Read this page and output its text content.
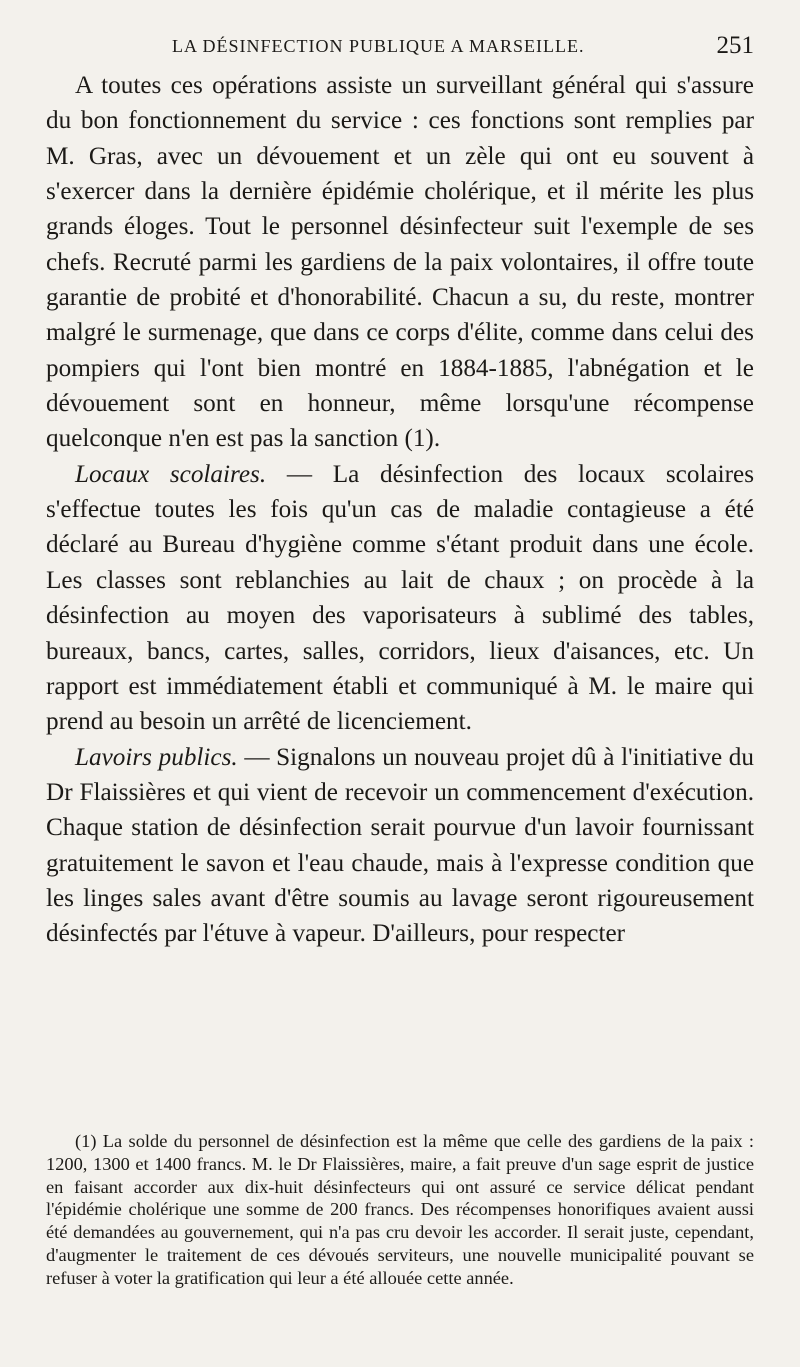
LA DÉSINFECTION PUBLIQUE A MARSEILLE.	251

A toutes ces opérations assiste un surveillant général qui s'assure du bon fonctionnement du service : ces fonctions sont remplies par M. Gras, avec un dévouement et un zèle qui ont eu souvent à s'exercer dans la dernière épidémie cholérique, et il mérite les plus grands éloges. Tout le personnel désinfecteur suit l'exemple de ses chefs. Recruté parmi les gardiens de la paix volontaires, il offre toute garantie de probité et d'honorabilité. Chacun a su, du reste, montrer malgré le surmenage, que dans ce corps d'élite, comme dans celui des pompiers qui l'ont bien montré en 1884-1885, l'abnégation et le dévouement sont en honneur, même lorsqu'une récompense quelconque n'en est pas la sanction (1).

Locaux scolaires. — La désinfection des locaux scolaires s'effectue toutes les fois qu'un cas de maladie contagieuse a été déclaré au Bureau d'hygiène comme s'étant produit dans une école. Les classes sont reblanchies au lait de chaux ; on procède à la désinfection au moyen des vaporisateurs à sublimé des tables, bureaux, bancs, cartes, salles, corridors, lieux d'aisances, etc. Un rapport est immédiatement établi et communiqué à M. le maire qui prend au besoin un arrêté de licenciement.

Lavoirs publics. — Signalons un nouveau projet dû à l'initiative du Dr Flaissières et qui vient de recevoir un commencement d'exécution. Chaque station de désinfection serait pourvue d'un lavoir fournissant gratuitement le savon et l'eau chaude, mais à l'expresse condition que les linges sales avant d'être soumis au lavage seront rigoureusement désinfectés par l'étuve à vapeur. D'ailleurs, pour respecter

(1) La solde du personnel de désinfection est la même que celle des gardiens de la paix : 1200, 1300 et 1400 francs. M. le Dr Flaissières, maire, a fait preuve d'un sage esprit de justice en faisant accorder aux dix-huit désinfecteurs qui ont assuré ce service délicat pendant l'épidémie cholérique une somme de 200 francs. Des récompenses honorifiques avaient aussi été demandées au gouvernement, qui n'a pas cru devoir les accorder. Il serait juste, cependant, d'augmenter le traitement de ces dévoués serviteurs, une nouvelle municipalité pouvant se refuser à voter la gratification qui leur a été allouée cette année.
